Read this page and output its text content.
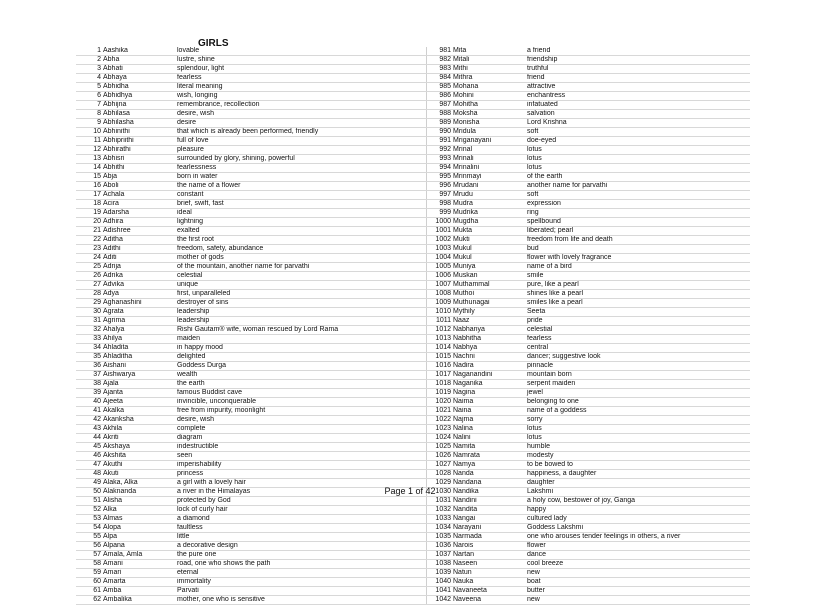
GIRLS
1	Aashika	lovable	981	Mita	a friend
2	Abha	lustre, shine	982	Mitali	friendship
3	Abhati	splendour, light	983	Mithi	truthful
4	Abhaya	fearless	984	Mithra	friend
5	Abhidha	literal meaning	985	Mohana	attractive
6	Abhidhya	wish, longing	986	Mohini	enchantress
7	Abhijna	remembrance, recollection	987	Mohitha	infatuated
8	Abhilasa	desire, wish	988	Moksha	salvation
9	Abhilasha	desire	989	Monisha	Lord Krishna
10	Abhinithi	that which is already been performed, friendly	990	Mridula	soft
11	Abhipriithi	full of love	991	Mriganayani	doe-eyed
12	Abhirathi	pleasure	992	Mrinal	lotus
13	Abhisri	surrounded by glory, shining, powerful	993	Mrinali	lotus
14	Abhithi	fearlessness	994	Mrinalini	lotus
15	Abja	born in water	995	Mrinmayi	of the earth
16	Aboli	the name of a flower	996	Mrudani	another name for parvathi
17	Achala	constant	997	Mrudu	soft
18	Acira	brief, swift, fast	998	Mudra	expression
19	Adarsha	ideal	999	Mudrika	ring
20	Adhira	lightning	1000	Mugdha	spellbound
21	Adishree	exalted	1001	Mukta	liberated; pearl
22	Aditha	the first root	1002	Mukti	freedom from life and death
23	Adithi	freedom, safety, abundance	1003	Mukul	bud
24	Aditi	mother of gods	1004	Mukul	flower with lovely fragrance
25	Adrija	of the mountain, another name for parvathi	1005	Muniya	name of a bird
26	Adrika	celestial	1006	Muskan	smile
27	Advika	unique	1007	Muthammal	pure, like a pearl
28	Adya	first, unparalleled	1008	Muthoi	shines like a pearl
29	Aghanashini	destroyer of sins	1009	Muthunagai	smiles like a pearl
30	Agrata	leadership	1010	Mythily	Seeta
31	Agrima	leadership	1011	Naaz	pride
32	Ahalya	Rishi Gautam® wife, woman rescued by Lord Rama	1012	Nabhanya	celestial
33	Ahilya	maiden	1013	Nabhitha	fearless
34	Ahladita	in happy mood	1014	Nabhya	central
35	Ahladitha	delighted	1015	Nachni	dancer; suggestive look
36	Aishani	Goddess Durga	1016	Nadira	pinnacle
37	Aishwarya	wealth	1017	Naganandini	mountain born
38	Ajala	the earth	1018	Naganika	serpent maiden
39	Ajanta	famous Buddist cave	1019	Nagina	jewel
40	Ajeeta	invincible, unconquerable	1020	Naima	belonging to one
41	Akalka	free from impurity, moonlight	1021	Naina	name of a goddess
42	Akanksha	desire, wish	1022	Najma	sorry
43	Akhila	complete	1023	Nalina	lotus
44	Akriti	diagram	1024	Nalini	lotus
45	Akshaya	indestructible	1025	Namita	humble
46	Akshita	seen	1026	Namrata	modesty
47	Akuthi	imperishability	1027	Namya	to be bowed to
48	Akuti	princess	1028	Nanda	happiness, a daughter
49	Alaka, Alka	a girl with a lovely hair	1029	Nandana	daughter
50	Alaknanda	a river in the Himalayas	1030	Nandika	Lakshmi
51	Alisha	protected by God	1031	Nandini	a holy cow, bestower of joy, Ganga
52	Alka	lock of curly hair	1032	Nandita	happy
53	Almas	a diamond	1033	Nangai	cultured lady
54	Alopa	faultless	1034	Narayani	Goddess Lakshmi
55	Alpa	little	1035	Narmada	one who arouses tender feelings in others, a river
56	Alpana	a decorative design	1036	Narois	flower
57	Amala, Amla	the pure one	1037	Nartan	dance
58	Amani	road, one who shows the path	1038	Naseen	cool breeze
59	Amari	eternal	1039	Natun	new
60	Amarta	immortality	1040	Nauka	boat
61	Amba	Parvati	1041	Navaneeta	butter
62	Ambalika	mother, one who is sensitive	1042	Naveena	new
Page 1 of 42
